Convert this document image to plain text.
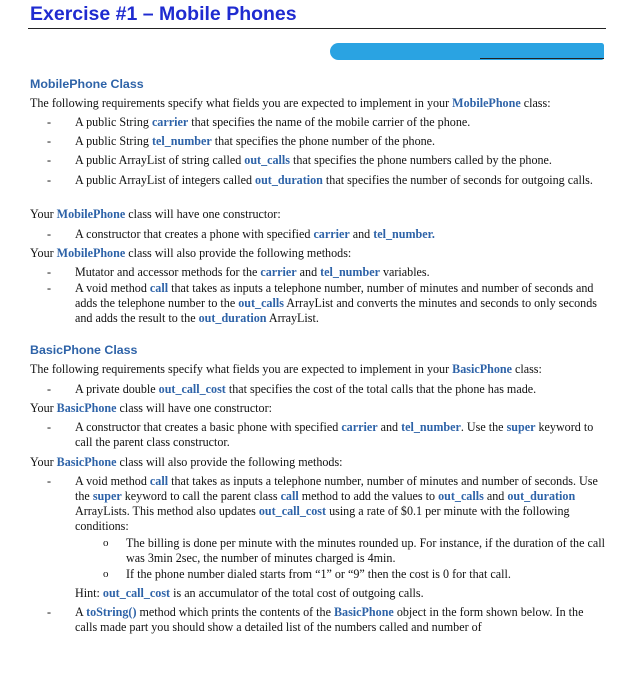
Exercise #1 – Mobile Phones
MobilePhone Class
The following requirements specify what fields you are expected to implement in your MobilePhone class:
- A public String carrier that specifies the name of the mobile carrier of the phone.
- A public String tel_number that specifies the phone number of the phone.
- A public ArrayList of string called out_calls that specifies the phone numbers called by the phone.
- A public ArrayList of integers called out_duration that specifies the number of seconds for outgoing calls.
Your MobilePhone class will have one constructor:
- A constructor that creates a phone with specified carrier and tel_number.
Your MobilePhone class will also provide the following methods:
- Mutator and accessor methods for the carrier and tel_number variables.
- A void method call that takes as inputs a telephone number, number of minutes and number of seconds and adds the telephone number to the out_calls ArrayList and converts the minutes and seconds to only seconds and adds the result to the out_duration ArrayList.
BasicPhone Class
The following requirements specify what fields you are expected to implement in your BasicPhone class:
- A private double out_call_cost that specifies the cost of the total calls that the phone has made.
Your BasicPhone class will have one constructor:
- A constructor that creates a basic phone with specified carrier and tel_number. Use the super keyword to call the parent class constructor.
Your BasicPhone class will also provide the following methods:
- A void method call that takes as inputs a telephone number, number of minutes and number of seconds. Use the super keyword to call the parent class call method to add the values to out_calls and out_duration ArrayLists. This method also updates out_call_cost using a rate of $0.1 per minute with the following conditions:
o The billing is done per minute with the minutes rounded up. For instance, if the duration of the call was 3min 2sec, the number of minutes charged is 4min.
o If the phone number dialed starts from “1” or “9” then the cost is 0 for that call.
Hint: out_call_cost is an accumulator of the total cost of outgoing calls.
- A toString() method which prints the contents of the BasicPhone object in the form shown below. In the calls made part you should show a detailed list of the numbers called and number of
